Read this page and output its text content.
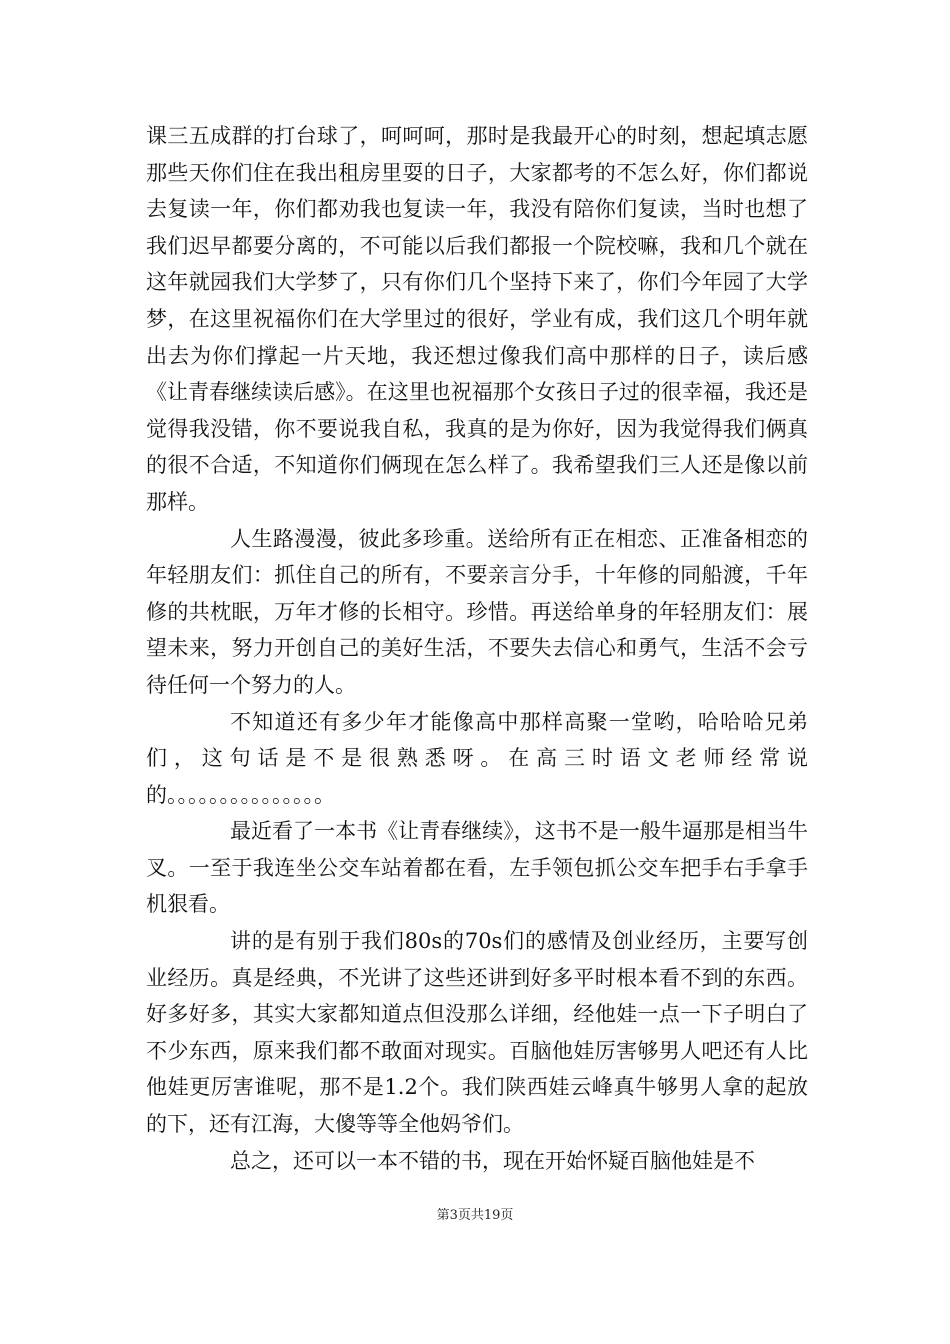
课三五成群的打台球了，呵呵呵，那时是我最开心的时刻，想起填志愿那些天你们住在我出租房里耍的日子，大家都考的不怎么好，你们都说去复读一年，你们都劝我也复读一年，我没有陪你们复读，当时也想了我们迟早都要分离的，不可能以后我们都报一个院校嘛，我和几个就在这年就园我们大学梦了，只有你们几个坚持下来了，你们今年园了大学梦，在这里祝福你们在大学里过的很好，学业有成，我们这几个明年就出去为你们撑起一片天地，我还想过像我们高中那样的日子，读后感《让青春继续读后感》。在这里也祝福那个女孩日子过的很幸福，我还是觉得我没错，你不要说我自私，我真的是为你好，因为我觉得我们俩真的很不合适，不知道你们俩现在怎么样了。我希望我们三人还是像以前那样。

人生路漫漫，彼此多珍重。送给所有正在相恋、正准备相恋的年轻朋友们：抓住自己的所有，不要亲言分手，十年修的同船渡，千年修的共枕眠，万年才修的长相守。珍惜。再送给单身的年轻朋友们：展望未来，努力开创自己的美好生活，不要失去信心和勇气，生活不会亏待任何一个努力的人。

不知道还有多少年才能像高中那样高聚一堂哟，哈哈哈兄弟们，这句话是不是很熟悉呀。在高三时语文老师经常说的。。。。。。。。。。。。。。。

最近看了一本书《让青春继续》，这书不是一般牛逼那是相当牛叉。一至于我连坐公交车站着都在看，左手领包抓公交车把手右手拿手机狠看。

讲的是有别于我们80s的70s们的感情及创业经历，主要写创业经历。真是经典，不光讲了这些还讲到好多平时根本看不到的东西。好多好多，其实大家都知道点但没那么详细，经他娃一点一下子明白了不少东西，原来我们都不敢面对现实。百脑他娃厉害够男人吧还有人比他娃更厉害谁呢，那不是1.2个。我们陕西娃云峰真牛够男人拿的起放的下，还有江海，大傻等等全他妈爷们。

总之，还可以一本不错的书，现在开始怀疑百脑他娃是不

第3页共19页
